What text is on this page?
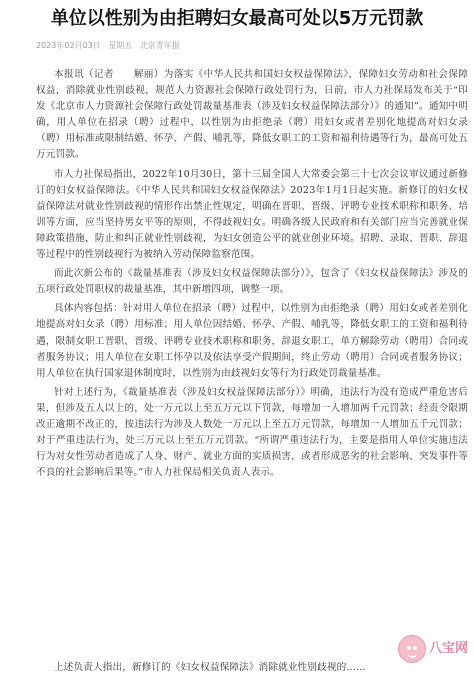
单位以性别为由拒聘妇女最高可处以5万元罚款
2023年02月03日 星期五 北京青年报

本报讯（记者　　解丽）为落实《中华人民共和国妇女权益保障法》，保障妇女劳动和社会保障权益，消除就业性别歧视，规范人力资源社会保障行政处罚行为，日前，市人力社保局发布关于“印发《北京市人力资源社会保障行政处罚裁量基准表（涉及妇女权益保障法部分）》的通知”。通知中明确，用人单位在招录（聘）过程中，以性别为由拒绝录（聘）用妇女或者差别化地提高对妇女录（聘）用标准或限制结婚、怀孕、产假、哺乳等，降低女职工的工资和福利待遇等行为，最高可处五万元罚款。

市人力社保局指出，2022年10月30日，第十三届全国人大常委会第三十七次会议审议通过新修订的妇女权益保障法。《中华人民共和国妇女权益保障法》2023年1月1日起实施。新修订的妇女权益保障法对就业性别歧视的情形作出禁止性规定，明确在晋职、晋级、评聘专业技术职称和职务、培训等方面，应当坚持男女平等的原则，不得歧视妇女。明确各级人民政府和有关部门应当完善就业保障政策措施，防止和纠正就业性别歧视，为妇女创造公平的就业创业环境。招聘、录取、晋职、辞退等过程中的性别歧视行为被纳入劳动保障监察范围。

而此次新公布的《裁量基准表（涉及妇女权益保障法部分）》，包含了《妇女权益保障法》涉及的五项行政处罚职权的裁量基准，其中新增四项，调整一项。

具体内容包括：针对用人单位在招录（聘）过程中，以性别为由拒绝录（聘）用妇女或者差别化地提高对妇女录（聘）用标准；用人单位因结婚、怀孕、产假、哺乳等，降低女职工的工资和福利待遇，限制女职工晋职、晋级、评聘专业技术职称和职务，辞退女职工，单方解除劳动（聘用）合同或者服务协议；用人单位在女职工怀孕以及依法享受产假期间，终止劳动（聘用）合同或者服务协议；用人单位在执行国家退休制度时，以性别为由歧视妇女等行为行政处罚裁量基准。

针对上述行为，《裁量基准表（涉及妇女权益保障法部分）》明确，违法行为没有造成严重危害后果，但涉及五人以上的，处一万元以上至五万元以下罚款，每增加一人增加两千元罚款；经责令限期改正逾期不改正的，按违法行为涉及人数处一万元以上至五万元罚款，每增加一人增加五千元罚款；对于严重违法行为，处三万元以上至五万元罚款。“所谓严重违法行为，主要是指用人单位实施违法行为对女性劳动者造成了人身、财产、就业方面的实质损害，或者形成恶劣的社会影响、突发事件等不良的社会影响后果等。”市人力社保局相关负责人表示。

上述负责人指出，新修订的《妇女权益保障法》消除就业性别歧视的……

八宝网
